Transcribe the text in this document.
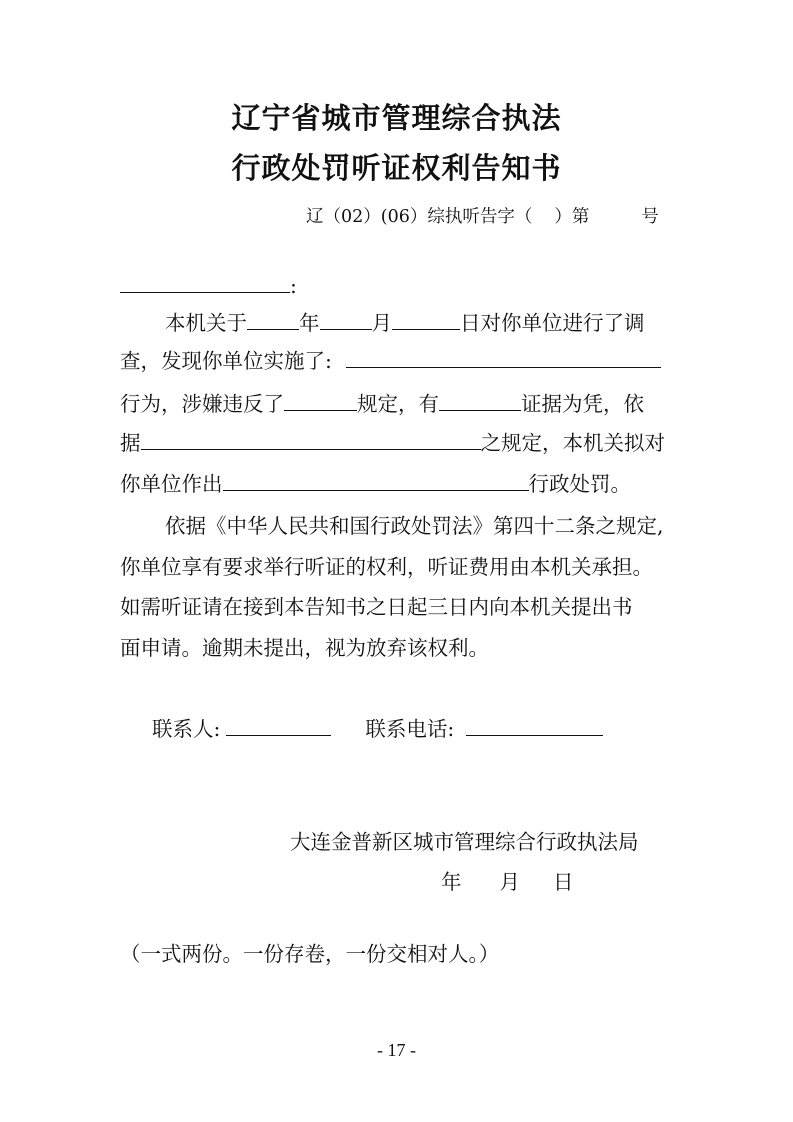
辽宁省城市管理综合执法
行政处罚听证权利告知书
辽（02）(06）综执听告字（ ）第	号
:
本机关于	年	月	日对你单位进行了调
查，发现你单位实施了:
行为，涉嫌违反了	规定，有	证据为凭，依
据	之规定，本机关拟对
你单位作出	行政处罚。
依据《中华人民共和国行政处罚法》第四十二条之规定,
你单位享有要求举行听证的权利，听证费用由本机关承担。
如需听证请在接到本告知书之日起三日内向本机关提出书
面申请。逾期未提出，视为放弃该权利。
联系人:	联系电话:
大连金普新区城市管理综合行政执法局
年 月 日
（一式两份。一份存卷，一份交相对人。）
- 17 -
